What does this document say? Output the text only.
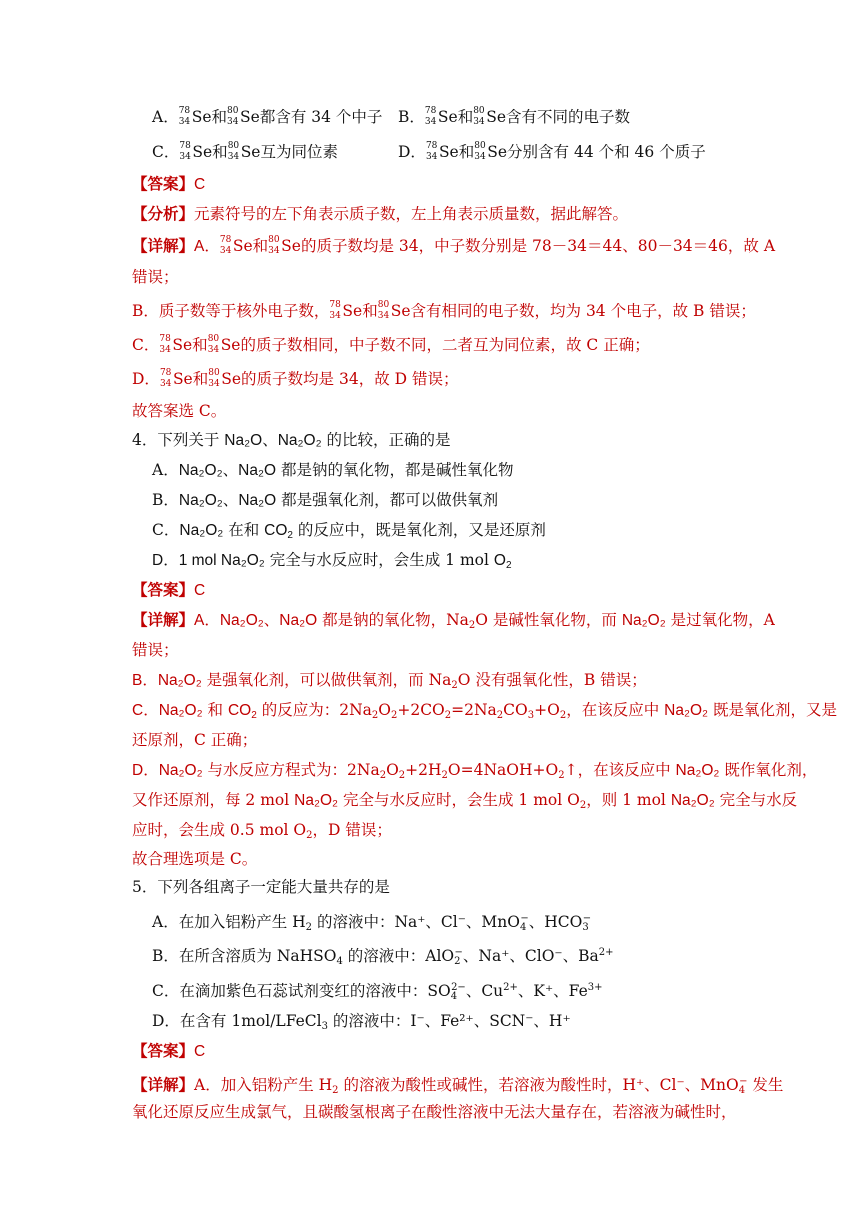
A． 78
34 Se和 80
34 Se都含有 34 个中子 B． 78
34 Se和 80
34 Se含有不同的电子数
C． 78
34 Se和 80
34 Se互为同位素	D． 78
34 Se和 80
34 Se分别含有 44 个和 46 个质子
【答案】C
【分析】元素符号的左下角表示质子数，左上角表示质量数，据此解答。
【详解】A． 78
34 Se和 80
34 Se的质子数均是 34，中子数分别是 78－34＝44、80－34＝46，故 A
错误；
B．质子数等于核外电子数， 78
34 Se和 80
34 Se含有相同的电子数，均为 34 个电子，故 B 错误；
C． 78
34 Se和 80
34 Se的质子数相同，中子数不同，二者互为同位素，故 C 正确；
D． 78
34 Se和 80
34 Se的质子数均是 34，故 D 错误；
故答案选 C。
4．下列关于 Na₂O、Na₂O₂ 的比较，正确的是
A．Na₂O₂、Na₂O 都是钠的氧化物，都是碱性氧化物
B．Na₂O₂、Na₂O 都是强氧化剂，都可以做供氧剂
C．Na₂O₂ 在和 CO2 的反应中，既是氧化剂，又是还原剂
D．1 mol Na₂O₂ 完全与水反应时，会生成 1 mol O2
【答案】C
【详解】A．Na₂O₂、Na₂O 都是钠的氧化物，Na2O 是碱性氧化物，而 Na₂O₂ 是过氧化物，A
错误；
B．Na₂O₂ 是强氧化剂，可以做供氧剂，而 Na2O 没有强氧化性，B 错误；
C．Na₂O₂ 和 CO2 的反应为：2Na2O2+2CO2=2Na2CO3+O2，在该反应中 Na₂O₂ 既是氧化剂，又是
还原剂，C 正确；
D．Na₂O₂ 与水反应方程式为：2Na2O2+2H2O=4NaOH+O2↑，在该反应中 Na₂O₂ 既作氧化剂，
又作还原剂，每 2 mol Na₂O₂ 完全与水反应时，会生成 1 mol O2，则 1 mol Na₂O₂ 完全与水反
应时，会生成 0.5 mol O2，D 错误；
故合理选项是 C。
5．下列各组离子一定能大量共存的是
A．在加入铝粉产生 H2 的溶液中：Na⁺、Cl⁻、MnO4−、HCO3−
B．在所含溶质为 NaHSO4 的溶液中：AlO2−、Na⁺、ClO⁻、$Ba^{2+}$
C．在滴加紫色石蕊试剂变红的溶液中：$SO4^{2-}$、$Cu^{2+}$、K⁺、$Fe^{3+}$
D．在含有 1mol/LFeCl3 的溶液中：I⁻、Fe²⁺、SCN⁻、H⁺
【答案】C
【详解】A．加入铝粉产生 H2 的溶液为酸性或碱性，若溶液为酸性时，H⁺、Cl⁻、MnO4− 发生
氧化还原反应生成氯气，且碳酸氢根离子在酸性溶液中无法大量存在，若溶液为碱性时，
